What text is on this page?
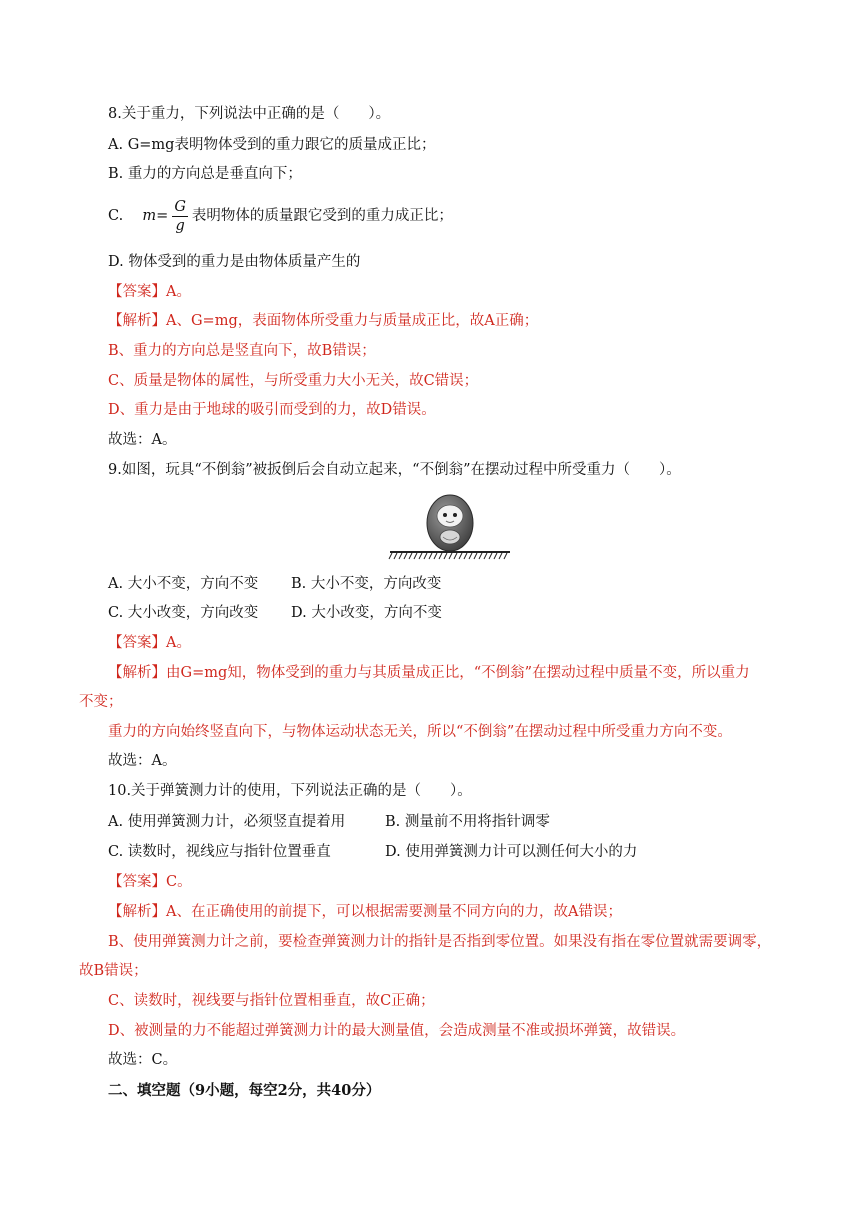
8.关于重力，下列说法中正确的是（　　）。
A. G=mg表明物体受到的重力跟它的质量成正比；
B. 重力的方向总是垂直向下；
C. $m= \frac{G}{g}$ 表明物体的质量跟它受到的重力成正比；
D. 物体受到的重力是由物体质量产生的
【答案】A。
【解析】A、G=mg，表面物体所受重力与质量成正比，故A正确；
B、重力的方向总是竖直向下，故B错误；
C、质量是物体的属性，与所受重力大小无关，故C错误；
D、重力是由于地球的吸引而受到的力，故D错误。
故选：A。
9.如图，玩具“不倒翁”被扳倒后会自动立起来，“不倒翁”在摆动过程中所受重力（　　）。
A. 大小不变，方向不变 B. 大小不变，方向改变
C. 大小改变，方向改变 D. 大小改变，方向不变
【答案】A。
【解析】由G=mg知，物体受到的重力与其质量成正比，“不倒翁”在摆动过程中质量不变，所以重力
不变；
重力的方向始终竖直向下，与物体运动状态无关，所以“不倒翁”在摆动过程中所受重力方向不变。
故选：A。
10.关于弹簧测力计的使用，下列说法正确的是（　　）。
A. 使用弹簧测力计，必须竖直提着用	B. 测量前不用将指针调零
C. 读数时，视线应与指针位置垂直	D. 使用弹簧测力计可以测任何大小的力
【答案】C。
【解析】A、在正确使用的前提下，可以根据需要测量不同方向的力，故A错误；
B、使用弹簧测力计之前，要检查弹簧测力计的指针是否指到零位置。如果没有指在零位置就需要调零，
故B错误；
C、读数时，视线要与指针位置相垂直，故C正确；
D、被测量的力不能超过弹簧测力计的最大测量值，会造成测量不准或损坏弹簧，故错误。
故选：C。
二、填空题（9小题，每空2分，共40分）
